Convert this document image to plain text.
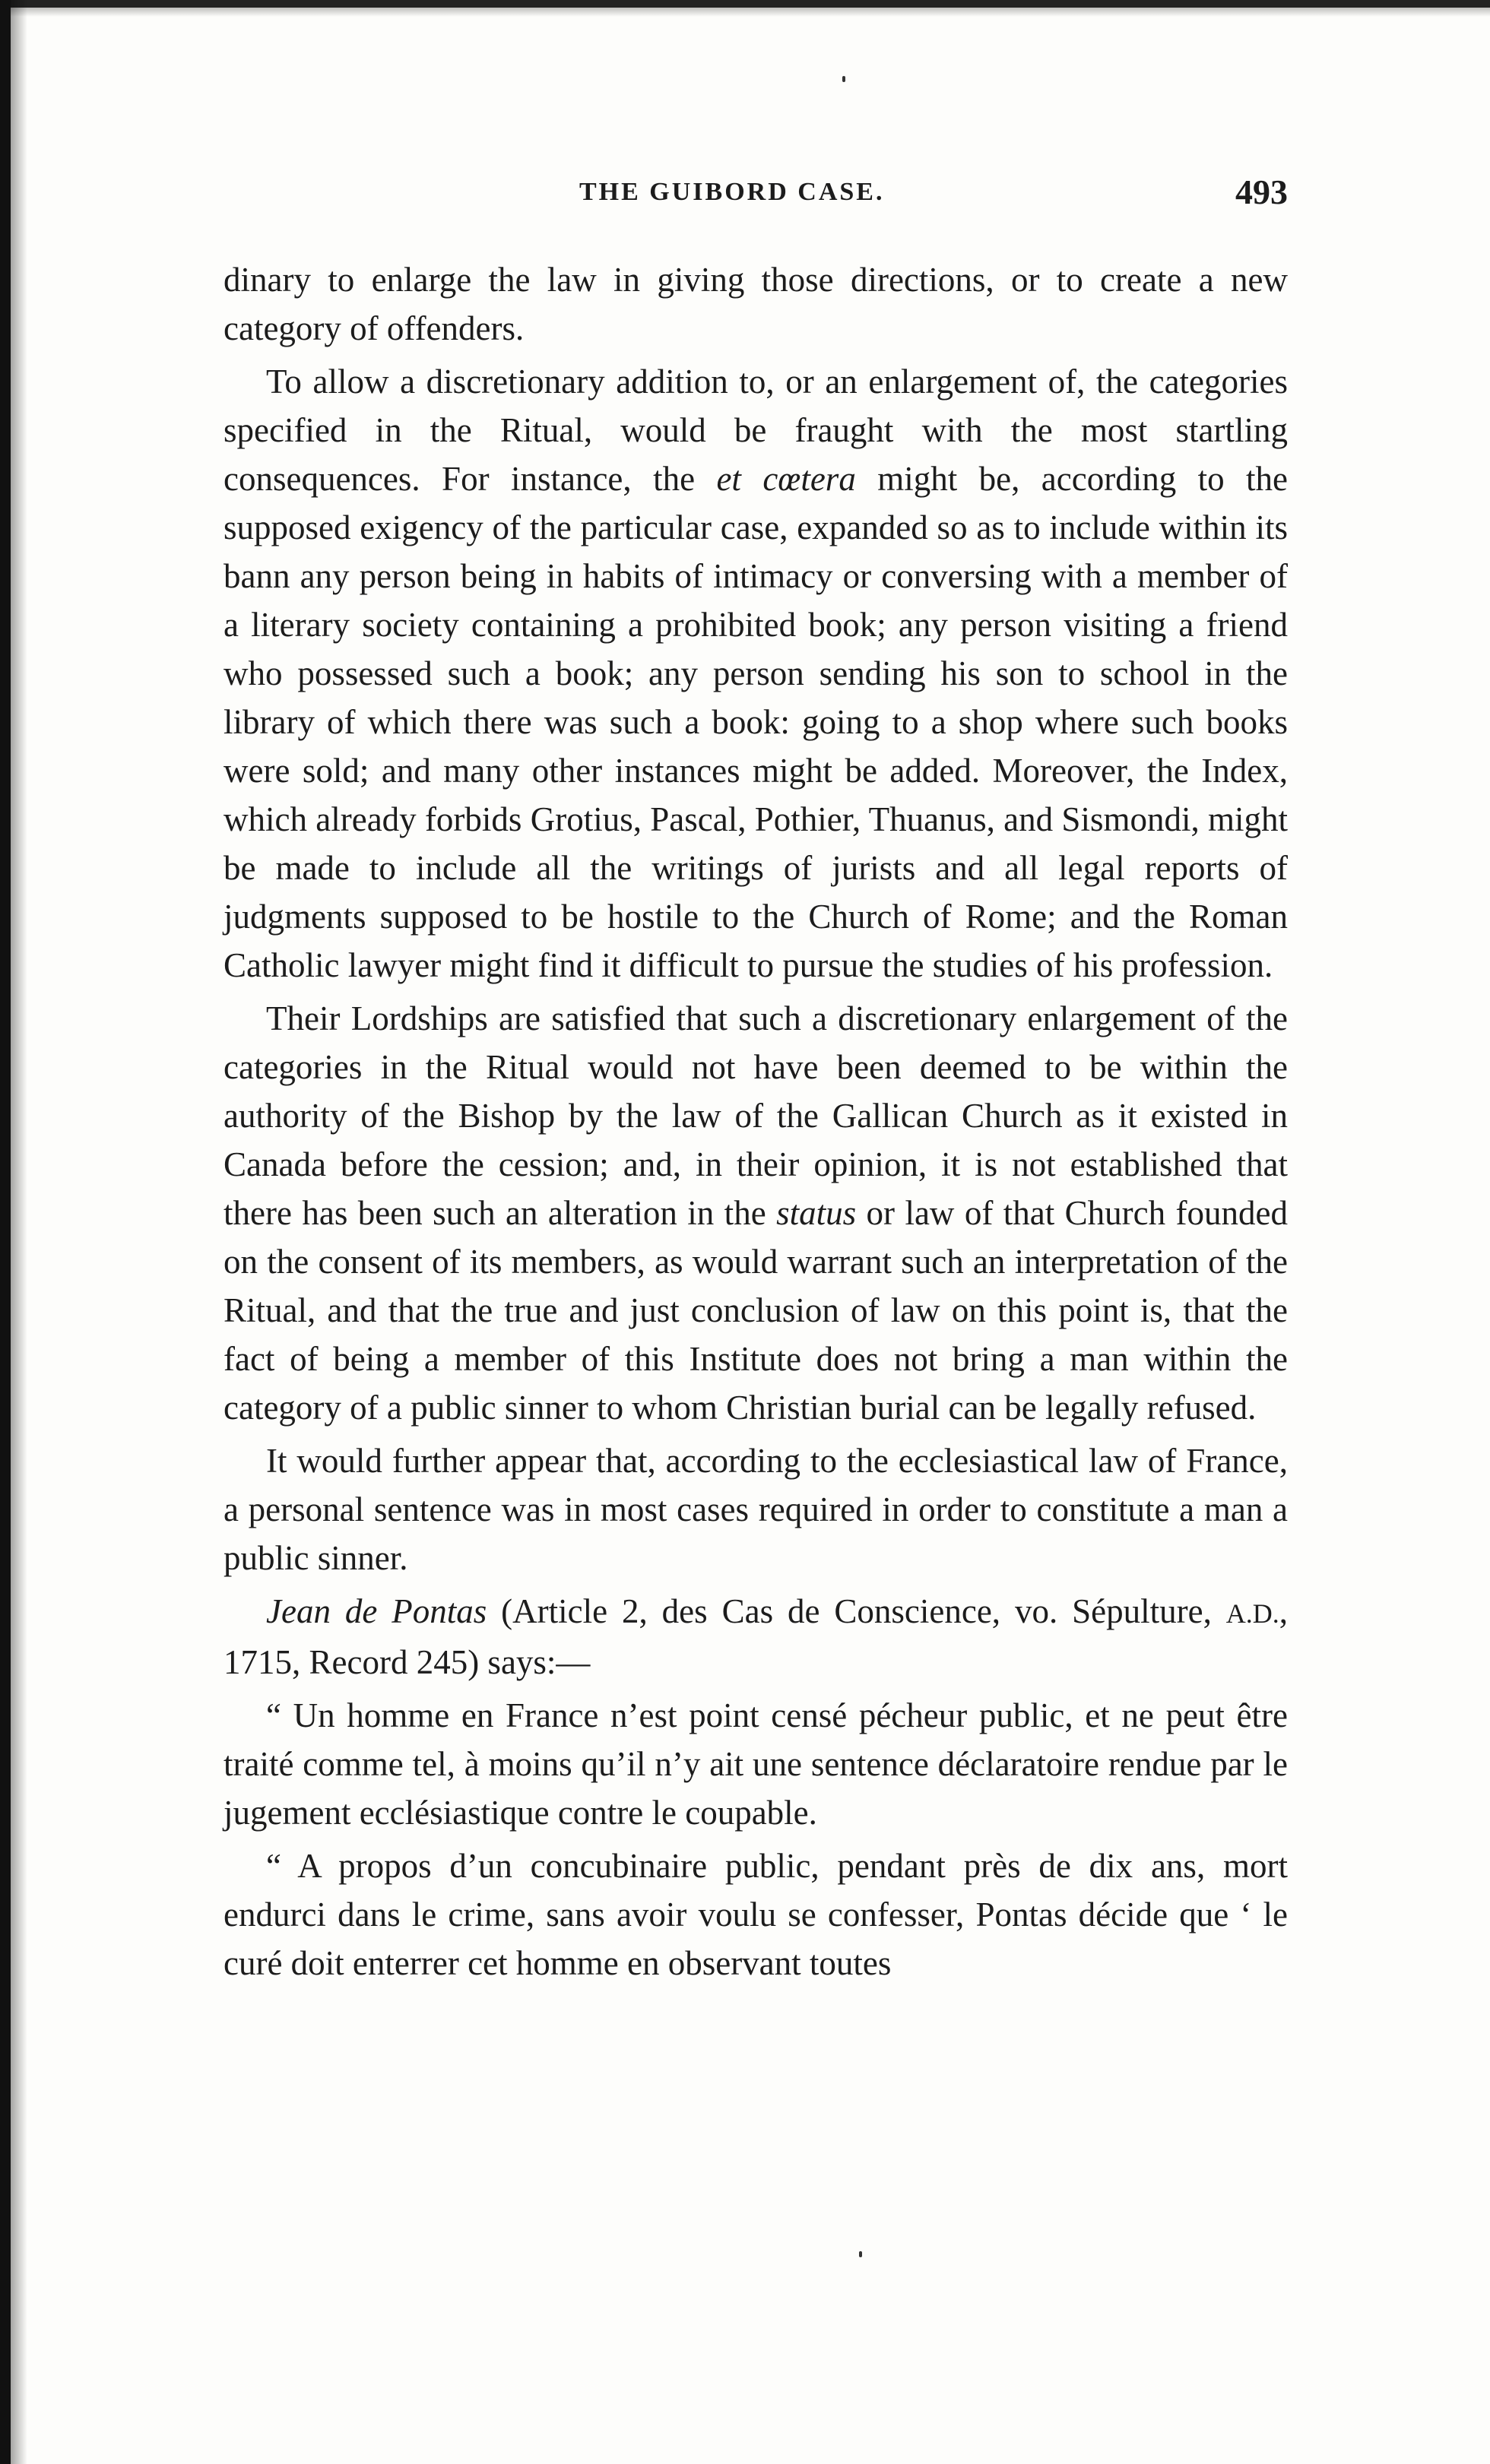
THE GUIBORD CASE.	493

dinary to enlarge the law in giving those directions, or to create a new category of offenders.

To allow a discretionary addition to, or an enlargement of, the categories specified in the Ritual, would be fraught with the most startling consequences. For instance, the et cœtera might be, according to the supposed exigency of the particular case, expanded so as to include within its bann any person being in habits of intimacy or conversing with a member of a literary society containing a prohibited book; any person visiting a friend who possessed such a book; any person sending his son to school in the library of which there was such a book: going to a shop where such books were sold; and many other instances might be added. Moreover, the Index, which already forbids Grotius, Pascal, Pothier, Thuanus, and Sismondi, might be made to include all the writings of jurists and all legal reports of judgments supposed to be hostile to the Church of Rome; and the Roman Catholic lawyer might find it difficult to pursue the studies of his profession.

Their Lordships are satisfied that such a discretionary enlargement of the categories in the Ritual would not have been deemed to be within the authority of the Bishop by the law of the Gallican Church as it existed in Canada before the cession; and, in their opinion, it is not established that there has been such an alteration in the status or law of that Church founded on the consent of its members, as would warrant such an interpretation of the Ritual, and that the true and just conclusion of law on this point is, that the fact of being a member of this Institute does not bring a man within the category of a public sinner to whom Christian burial can be legally refused.

It would further appear that, according to the ecclesiastical law of France, a personal sentence was in most cases required in order to constitute a man a public sinner.

Jean de Pontas (Article 2, des Cas de Conscience, vo. Sépulture, A.D., 1715, Record 245) says:—

“ Un homme en France n’est point censé pécheur public, et ne peut être traité comme tel, à moins qu’il n’y ait une sentence déclaratoire rendue par le jugement ecclésiastique contre le coupable.

“ A propos d’un concubinaire public, pendant près de dix ans, mort endurci dans le crime, sans avoir voulu se confesser, Pontas décide que ‘ le curé doit enterrer cet homme en observant toutes
